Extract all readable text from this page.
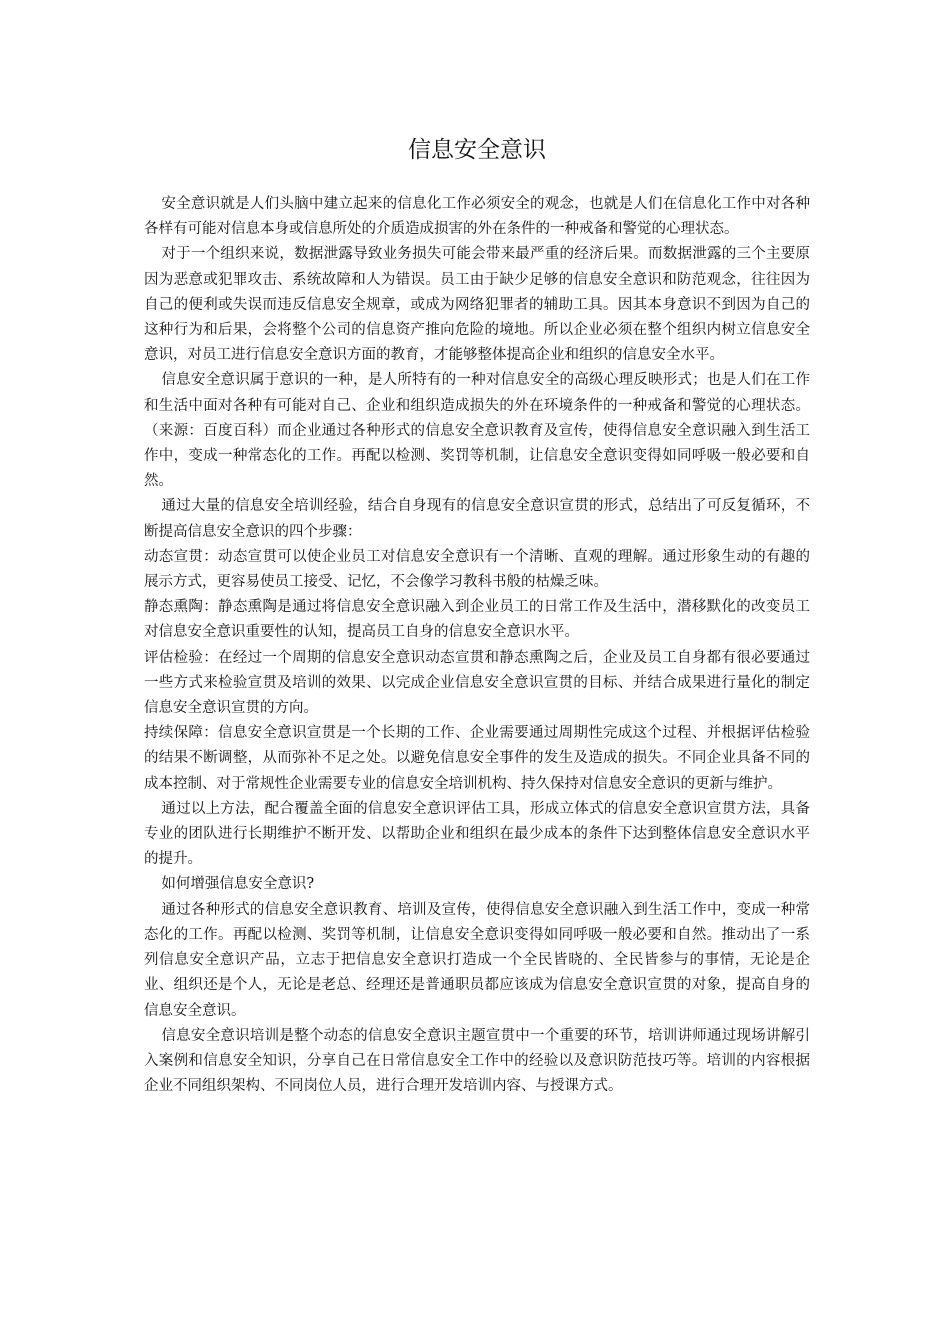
信息安全意识

安全意识就是人们头脑中建立起来的信息化工作必须安全的观念，也就是人们在信息化工作中对各种各样有可能对信息本身或信息所处的介质造成损害的外在条件的一种戒备和警觉的心理状态。

对于一个组织来说，数据泄露导致业务损失可能会带来最严重的经济后果。而数据泄露的三个主要原因为恶意或犯罪攻击、系统故障和人为错误。员工由于缺少足够的信息安全意识和防范观念，往往因为自己的便利或失误而违反信息安全规章，或成为网络犯罪者的辅助工具。因其本身意识不到因为自己的这种行为和后果，会将整个公司的信息资产推向危险的境地。所以企业必须在整个组织内树立信息安全意识，对员工进行信息安全意识方面的教育，才能够整体提高企业和组织的信息安全水平。

信息安全意识属于意识的一种，是人所特有的一种对信息安全的高级心理反映形式；也是人们在工作和生活中面对各种有可能对自己、企业和组织造成损失的外在环境条件的一种戒备和警觉的心理状态。（来源：百度百科）而企业通过各种形式的信息安全意识教育及宣传，使得信息安全意识融入到生活工作中，变成一种常态化的工作。再配以检测、奖罚等机制，让信息安全意识变得如同呼吸一般必要和自然。

通过大量的信息安全培训经验，结合自身现有的信息安全意识宣贯的形式，总结出了可反复循环，不断提高信息安全意识的四个步骤：

动态宣贯：动态宣贯可以使企业员工对信息安全意识有一个清晰、直观的理解。通过形象生动的有趣的展示方式，更容易使员工接受、记忆，不会像学习教科书般的枯燥乏味。

静态熏陶：静态熏陶是通过将信息安全意识融入到企业员工的日常工作及生活中，潜移默化的改变员工对信息安全意识重要性的认知，提高员工自身的信息安全意识水平。

评估检验：在经过一个周期的信息安全意识动态宣贯和静态熏陶之后，企业及员工自身都有很必要通过一些方式来检验宣贯及培训的效果、以完成企业信息安全意识宣贯的目标、并结合成果进行量化的制定信息安全意识宣贯的方向。

持续保障：信息安全意识宣贯是一个长期的工作、企业需要通过周期性完成这个过程、并根据评估检验的结果不断调整，从而弥补不足之处。以避免信息安全事件的发生及造成的损失。不同企业具备不同的成本控制、对于常规性企业需要专业的信息安全培训机构、持久保持对信息安全意识的更新与维护。

通过以上方法，配合覆盖全面的信息安全意识评估工具，形成立体式的信息安全意识宣贯方法，具备专业的团队进行长期维护不断开发、以帮助企业和组织在最少成本的条件下达到整体信息安全意识水平的提升。

如何增强信息安全意识?

通过各种形式的信息安全意识教育、培训及宣传，使得信息安全意识融入到生活工作中，变成一种常态化的工作。再配以检测、奖罚等机制，让信息安全意识变得如同呼吸一般必要和自然。推动出了一系列信息安全意识产品，立志于把信息安全意识打造成一个全民皆晓的、全民皆参与的事情，无论是企业、组织还是个人，无论是老总、经理还是普通职员都应该成为信息安全意识宣贯的对象，提高自身的信息安全意识。

信息安全意识培训是整个动态的信息安全意识主题宣贯中一个重要的环节，培训讲师通过现场讲解引入案例和信息安全知识，分享自己在日常信息安全工作中的经验以及意识防范技巧等。培训的内容根据企业不同组织架构、不同岗位人员，进行合理开发培训内容、与授课方式。
